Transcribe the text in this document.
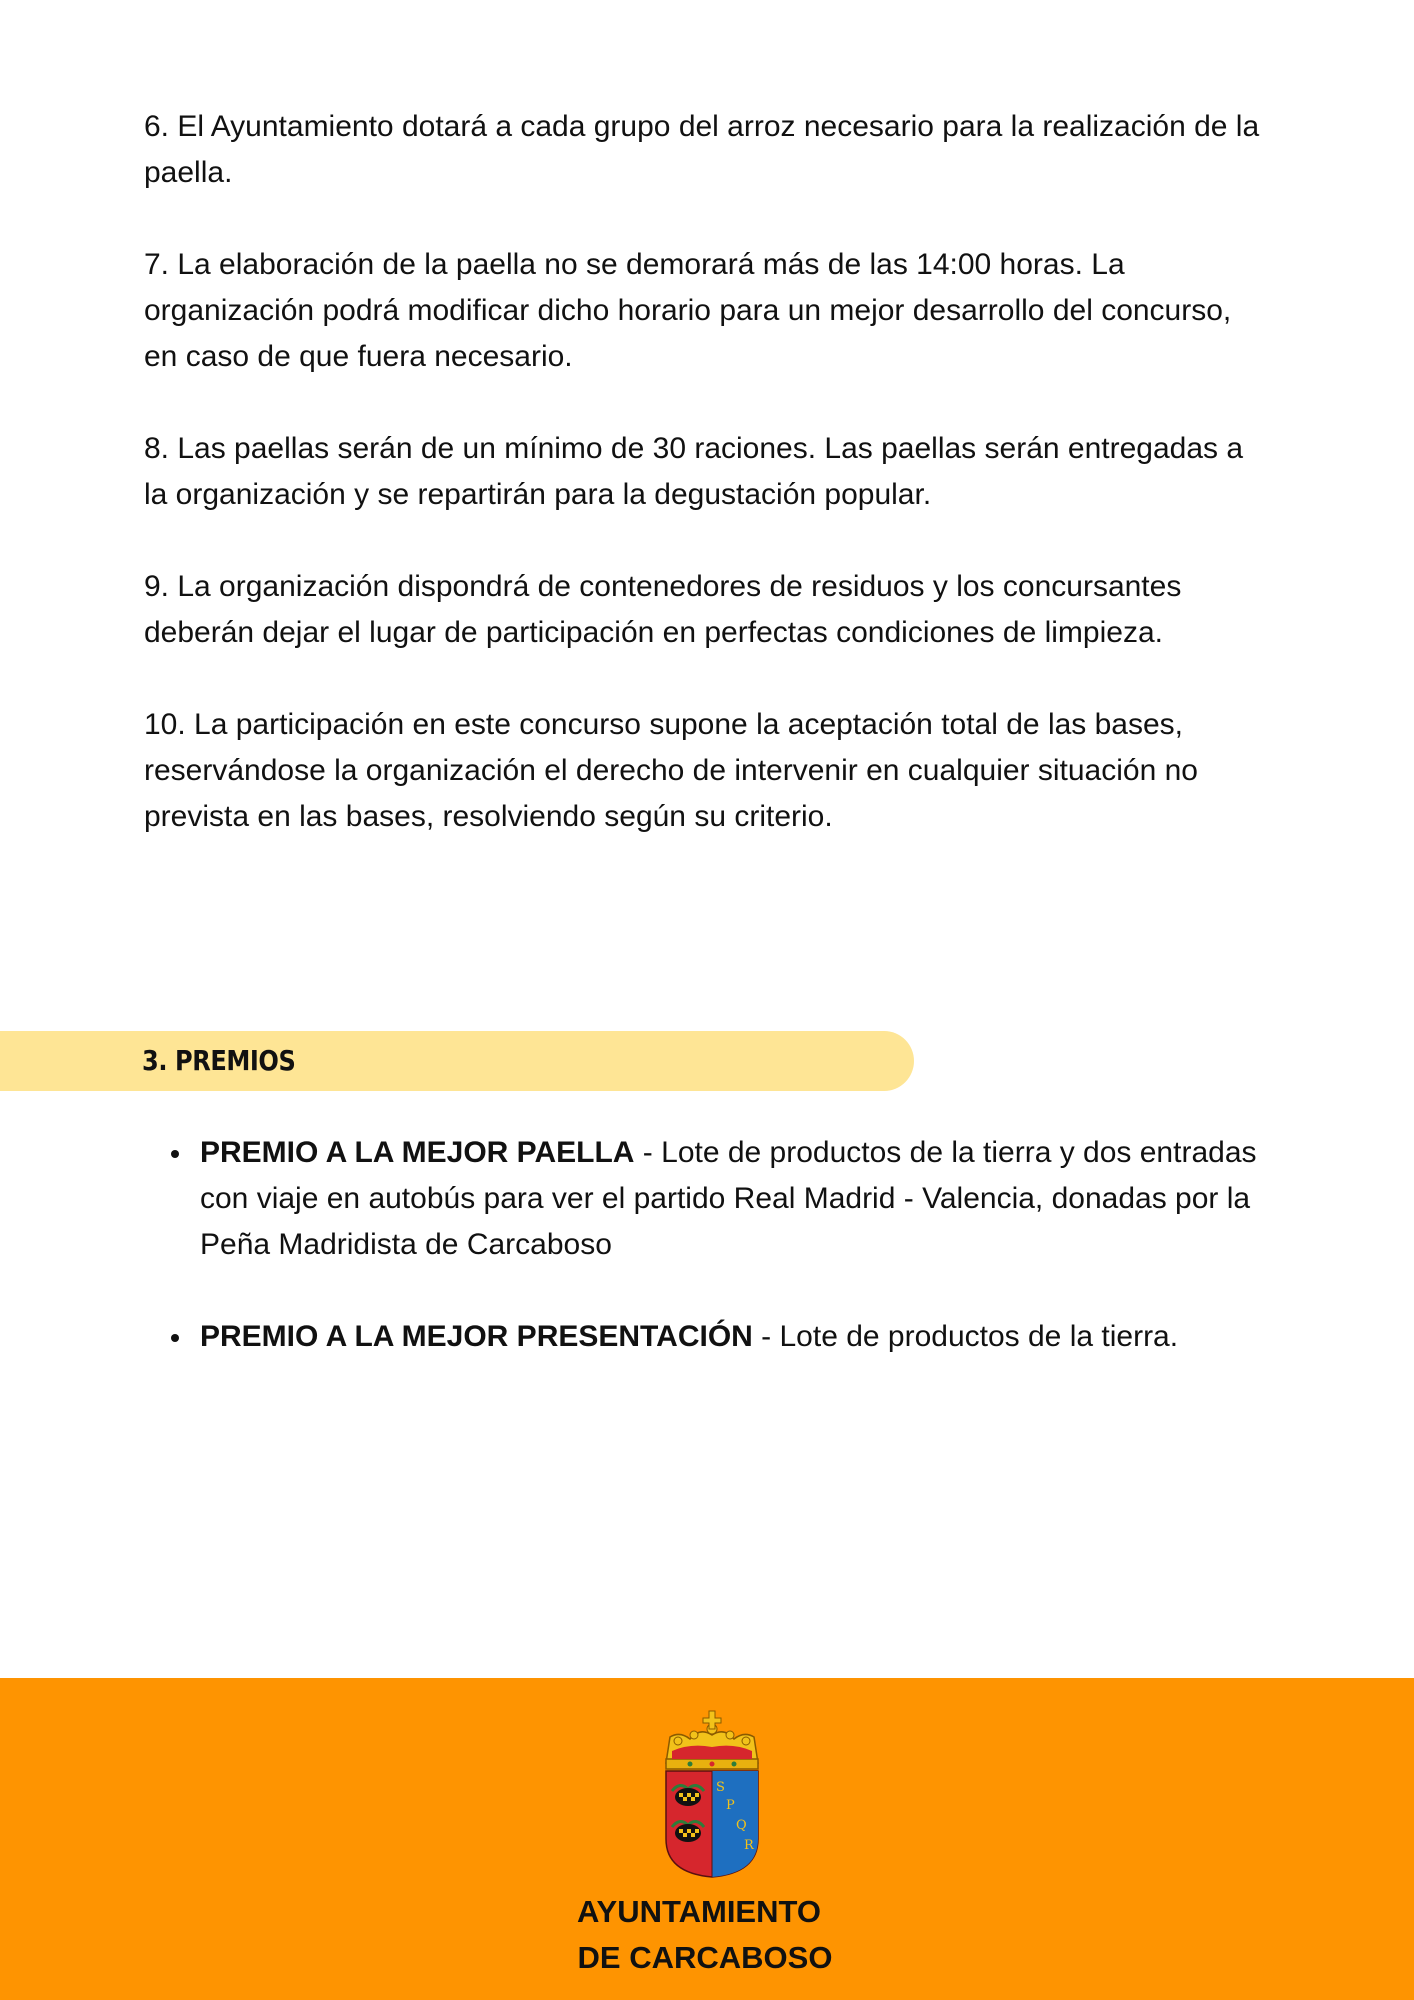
6. El Ayuntamiento dotará a cada grupo del arroz necesario para la realización de la paella.

7. La elaboración de la paella no se demorará más de las 14:00 horas. La organización podrá modificar dicho horario para un mejor desarrollo del concurso, en caso de que fuera necesario.

8. Las paellas serán de un mínimo de 30 raciones. Las paellas serán entregadas a la organización y se repartirán para la degustación popular.

9. La organización dispondrá de contenedores de residuos y los concursantes deberán dejar el lugar de participación en perfectas condiciones de limpieza.

10. La participación en este concurso supone la aceptación total de las bases, reservándose la organización el derecho de intervenir en cualquier situación no prevista en las bases, resolviendo según su criterio.

3. PREMIOS
PREMIO A LA MEJOR PAELLA - Lote de productos de la tierra y dos entradas con viaje en autobús para ver el partido Real Madrid - Valencia, donadas por la Peña Madridista de Carcaboso
PREMIO A LA MEJOR PRESENTACIÓN - Lote de productos de la tierra.
S
P
Q
R
AYUNTAMIENTO
DE CARCABOSO
